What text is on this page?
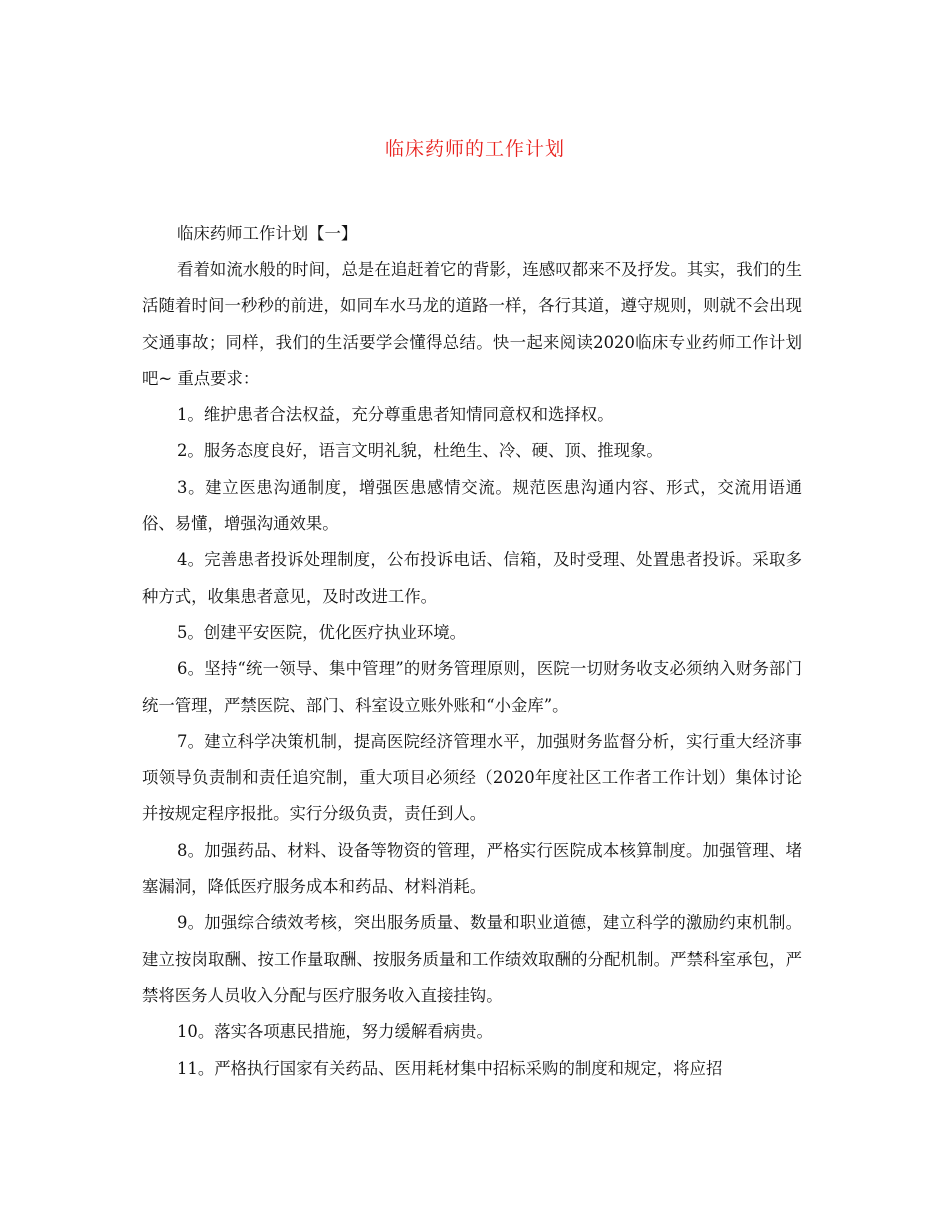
临床药师的工作计划

临床药师工作计划【一】

看着如流水般的时间，总是在追赶着它的背影，连感叹都来不及抒发。其实，我们的生活随着时间一秒秒的前进，如同车水马龙的道路一样，各行其道，遵守规则，则就不会出现交通事故；同样，我们的生活要学会懂得总结。快一起来阅读2020临床专业药师工作计划吧~ 重点要求：

1。维护患者合法权益，充分尊重患者知情同意权和选择权。

2。服务态度良好，语言文明礼貌，杜绝生、冷、硬、顶、推现象。

3。建立医患沟通制度，增强医患感情交流。规范医患沟通内容、形式，交流用语通俗、易懂，增强沟通效果。

4。完善患者投诉处理制度，公布投诉电话、信箱，及时受理、处置患者投诉。采取多种方式，收集患者意见，及时改进工作。

5。创建平安医院，优化医疗执业环境。

6。坚持“统一领导、集中管理”的财务管理原则，医院一切财务收支必须纳入财务部门统一管理，严禁医院、部门、科室设立账外账和“小金库”。

7。建立科学决策机制，提高医院经济管理水平，加强财务监督分析，实行重大经济事项领导负责制和责任追究制，重大项目必须经（2020年度社区工作者工作计划）集体讨论并按规定程序报批。实行分级负责，责任到人。

8。加强药品、材料、设备等物资的管理，严格实行医院成本核算制度。加强管理、堵塞漏洞，降低医疗服务成本和药品、材料消耗。

9。加强综合绩效考核，突出服务质量、数量和职业道德，建立科学的激励约束机制。建立按岗取酬、按工作量取酬、按服务质量和工作绩效取酬的分配机制。严禁科室承包，严禁将医务人员收入分配与医疗服务收入直接挂钩。

10。落实各项惠民措施，努力缓解看病贵。

11。严格执行国家有关药品、医用耗材集中招标采购的制度和规定，将应招
